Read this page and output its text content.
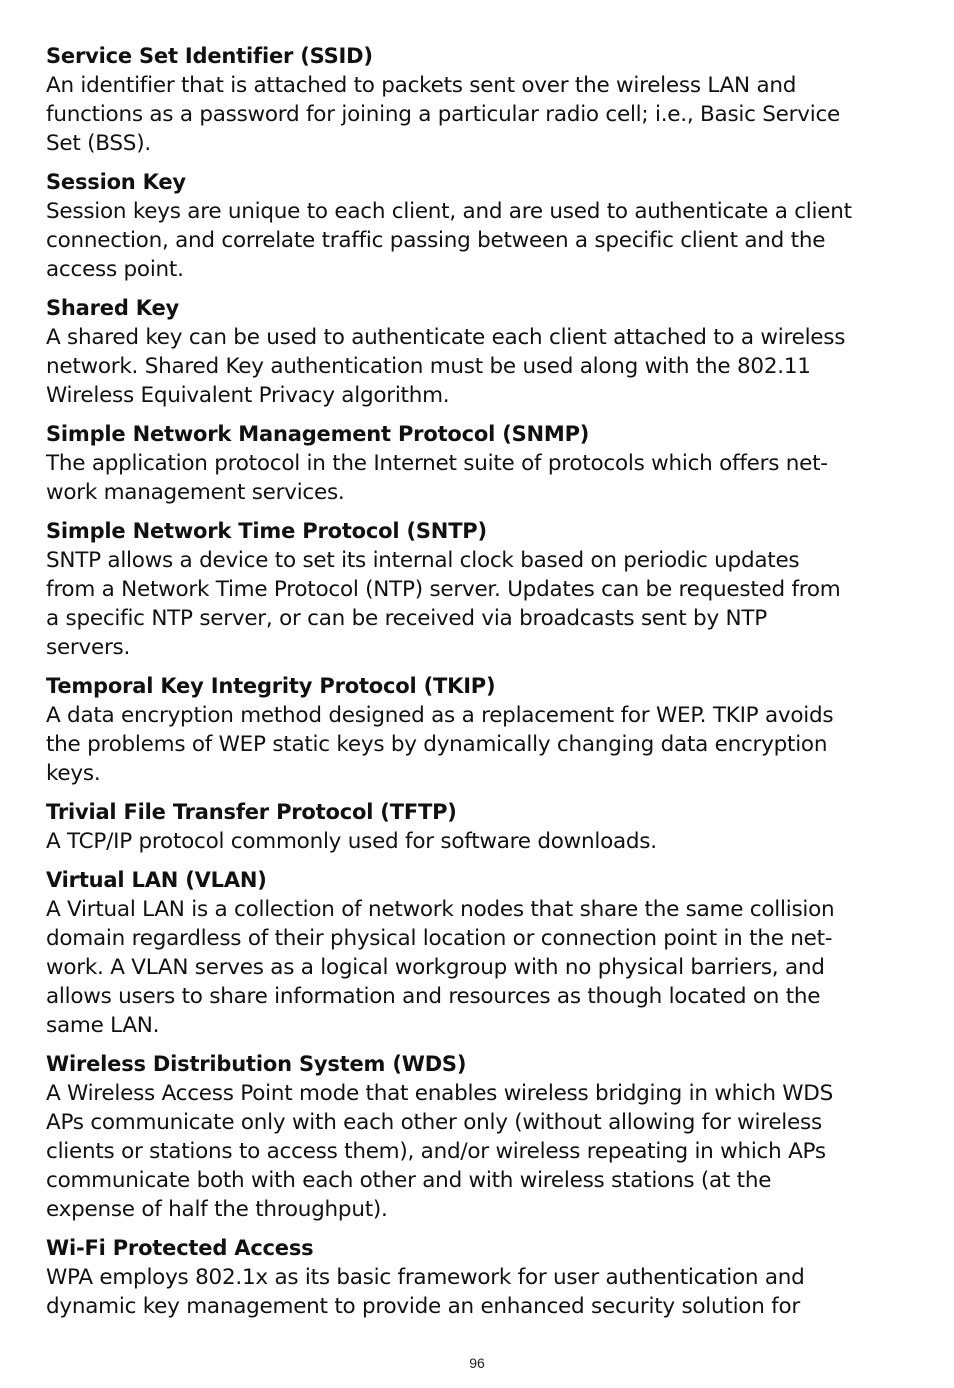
Service Set Identifier (SSID)
An identifier that is attached to packets sent over the wireless LAN and
functions as a password for joining a particular radio cell; i.e., Basic Service
Set (BSS).
Session Key
Session keys are unique to each client, and are used to authenticate a client
connection, and correlate traffic passing between a specific client and the
access point.
Shared Key
A shared key can be used to authenticate each client attached to a wireless
network. Shared Key authentication must be used along with the 802.11
Wireless Equivalent Privacy algorithm.
Simple Network Management Protocol (SNMP)
The application protocol in the Internet suite of protocols which offers net-
work management services.
Simple Network Time Protocol (SNTP)
SNTP allows a device to set its internal clock based on periodic updates
from a Network Time Protocol (NTP) server. Updates can be requested from
a specific NTP server, or can be received via broadcasts sent by NTP
servers.
Temporal Key Integrity Protocol (TKIP)
A data encryption method designed as a replacement for WEP. TKIP avoids
the problems of WEP static keys by dynamically changing data encryption
keys.
Trivial File Transfer Protocol (TFTP)
A TCP/IP protocol commonly used for software downloads.
Virtual LAN (VLAN)
A Virtual LAN is a collection of network nodes that share the same collision
domain regardless of their physical location or connection point in the net-
work. A VLAN serves as a logical workgroup with no physical barriers, and
allows users to share information and resources as though located on the
same LAN.
Wireless Distribution System (WDS)
A Wireless Access Point mode that enables wireless bridging in which WDS
APs communicate only with each other only (without allowing for wireless
clients or stations to access them), and/or wireless repeating in which APs
communicate both with each other and with wireless stations (at the
expense of half the throughput).
Wi-Fi Protected Access
WPA employs 802.1x as its basic framework for user authentication and
dynamic key management to provide an enhanced security solution for
96
